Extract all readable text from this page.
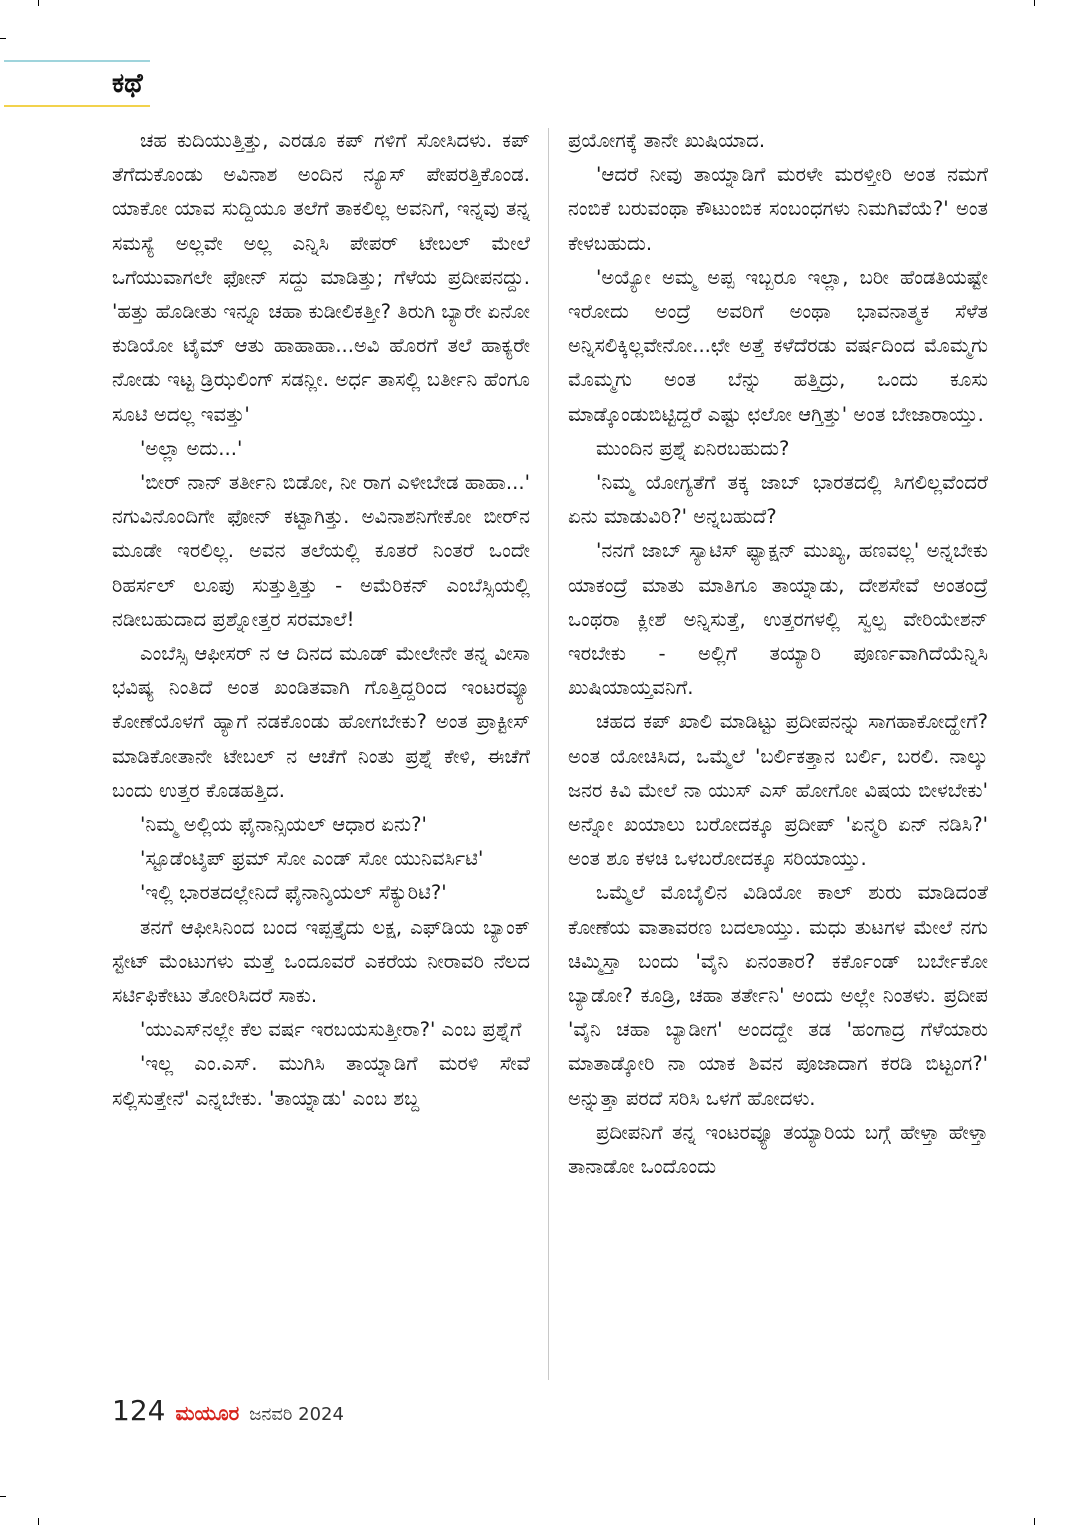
ಕಥೆ

ಚಹ ಕುದಿಯುತ್ತಿತ್ತು, ಎರಡೂ ಕಪ್ ಗಳಿಗೆ ಸೋಸಿದಳು. ಕಪ್ ತೆಗೆದುಕೊಂಡು ಅವಿನಾಶ ಅಂದಿನ ನ್ಯೂಸ್ ಪೇಪರತ್ತಿಕೊಂಡ. ಯಾಕೋ ಯಾವ ಸುದ್ದಿಯೂ ತಲೆಗೆ ತಾಕಲಿಲ್ಲ ಅವನಿಗೆ, ಇನ್ನವು ತನ್ನ ಸಮಸ್ಯೆ ಅಲ್ಲವೇ ಅಲ್ಲ ಎನ್ನಿಸಿ ಪೇಪರ್ ಟೇಬಲ್ ಮೇಲೆ ಒಗೆಯುವಾಗಲೇ ಫೋನ್ ಸದ್ದು ಮಾಡಿತ್ತು; ಗೆಳೆಯ ಪ್ರದೀಪನದ್ದು. 'ಹತ್ತು ಹೊಡೀತು ಇನ್ನೂ ಚಹಾ ಕುಡೀಲಿಕತ್ತೀ? ತಿರುಗಿ ಬ್ಯಾರೇ ಏನೋ ಕುಡಿಯೋ ಟೈಮ್ ಆತು ಹಾಹಾಹಾ...ಅವಿ ಹೊರಗೆ ತಲೆ ಹಾಕ್ಯರೇ ನೋಡು ಇಟ್ಟ ಡ್ರಿಝಲಿಂಗ್ ಸಡನ್ಲೀ. ಅರ್ಧ ತಾಸಲ್ಲಿ ಬರ್ತೀನಿ ಹೆಂಗೂ ಸೂಟಿ ಅದಲ್ಲ ಇವತ್ತು'

'ಅಲ್ಲಾ ಅದು...'

'ಬೀರ್ ನಾನ್ ತರ್ತೀನಿ ಬಿಡೋ, ನೀ ರಾಗ ಎಳೀಬೇಡ ಹಾಹಾ...' ನಗುವಿನೊಂದಿಗೇ ಫೋನ್ ಕಟ್ಟಾಗಿತ್ತು. ಅವಿನಾಶನಿಗೇಕೋ ಬೀರ್‌ನ ಮೂಡೇ ಇರಲಿಲ್ಲ. ಅವನ ತಲೆಯಲ್ಲಿ ಕೂತರೆ ನಿಂತರೆ ಒಂದೇ ರಿಹರ್ಸಲ್ ಲೂಪು ಸುತ್ತುತ್ತಿತ್ತು - ಅಮೆರಿಕನ್ ಎಂಬೆಸ್ಸಿಯಲ್ಲಿ ನಡೀಬಹುದಾದ ಪ್ರಶ್ನೋತ್ತರ ಸರಮಾಲೆ!

ಎಂಬೆಸ್ಸಿ ಆಫೀಸರ್ ನ ಆ ದಿನದ ಮೂಡ್ ಮೇಲೇನೇ ತನ್ನ ವೀಸಾ ಭವಿಷ್ಯ ನಿಂತಿದೆ ಅಂತ ಖಂಡಿತವಾಗಿ ಗೊತ್ತಿದ್ದರಿಂದ ಇಂಟರವ್ಯೂ ಕೋಣೆಯೊಳಗೆ ಹ್ಯಾಗೆ ನಡಕೊಂಡು ಹೋಗಬೇಕು? ಅಂತ ಪ್ರಾಕ್ಟೀಸ್ ಮಾಡಿಕೋತಾನೇ ಟೇಬಲ್ ನ ಆಚೆಗೆ ನಿಂತು ಪ್ರಶ್ನೆ ಕೇಳಿ, ಈಚೆಗೆ ಬಂದು ಉತ್ತರ ಕೊಡಹತ್ತಿದ.

'ನಿಮ್ಮ ಅಲ್ಲಿಯ ಫೈನಾನ್ಸಿಯಲ್ ಆಧಾರ ಏನು?'

'ಸ್ಟೂಡೆಂಟ್ಶಿಪ್ ಫ್ರಮ್ ಸೋ ಎಂಡ್ ಸೋ ಯುನಿವರ್ಸಿಟಿ'

'ಇಲ್ಲಿ ಭಾರತದಲ್ಲೇನಿದೆ ಫೈನಾನ್ಶಿಯಲ್ ಸೆಕ್ಯುರಿಟಿ?'

ತನಗೆ ಆಫೀಸಿನಿಂದ ಬಂದ ಇಪ್ಪತ್ತೈದು ಲಕ್ಷ, ಎಫ್‌ಡಿಯ ಬ್ಯಾಂಕ್ ಸ್ಟೇಟ್ ಮೆಂಟುಗಳು ಮತ್ತೆ ಒಂದೂವರೆ ಎಕರೆಯ ನೀರಾವರಿ ನೆಲದ ಸರ್ಟಿಫಿಕೇಟು ತೋರಿಸಿದರೆ ಸಾಕು.

'ಯುಎಸ್‌ನಲ್ಲೇ ಕೆಲ ವರ್ಷ ಇರಬಯಸುತ್ತೀರಾ?' ಎಂಬ ಪ್ರಶ್ನೆಗೆ

'ಇಲ್ಲ ಎಂ.ಎಸ್. ಮುಗಿಸಿ ತಾಯ್ನಾಡಿಗೆ ಮರಳಿ ಸೇವೆ ಸಲ್ಲಿಸುತ್ತೇನೆ' ಎನ್ನಬೇಕು. 'ತಾಯ್ನಾಡು' ಎಂಬ ಶಬ್ದ

ಪ್ರಯೋಗಕ್ಕೆ ತಾನೇ ಖುಷಿಯಾದ.

'ಆದರೆ ನೀವು ತಾಯ್ನಾಡಿಗೆ ಮರಳೇ ಮರಳ್ತೀರಿ ಅಂತ ನಮಗೆ ನಂಬಿಕೆ ಬರುವಂಥಾ ಕೌಟುಂಬಿಕ ಸಂಬಂಧಗಳು ನಿಮಗಿವೆಯೆ?' ಅಂತ ಕೇಳಬಹುದು.

'ಅಯ್ಯೋ ಅಮ್ಮ ಅಪ್ಪ ಇಬ್ಬರೂ ಇಲ್ಲಾ, ಬರೀ ಹೆಂಡತಿಯಷ್ಟೇ ಇರೋದು ಅಂದ್ರೆ ಅವರಿಗೆ ಅಂಥಾ ಭಾವನಾತ್ಮಕ ಸೆಳೆತ ಅನ್ನಿಸಲಿಕ್ಕಿಲ್ಲವೇನೋ...ಛೇ ಅತ್ತೆ ಕಳೆದೆರಡು ವರ್ಷದಿಂದ ಮೊಮ್ಮಗು ಮೊಮ್ಮಗು ಅಂತ ಬೆನ್ನು ಹತ್ತಿದ್ರು, ಒಂದು ಕೂಸು ಮಾಡ್ಕೊಂಡುಬಿಟ್ಟಿದ್ದರೆ ಎಷ್ಟು ಛಲೋ ಆಗ್ತಿತ್ತು' ಅಂತ ಬೇಜಾರಾಯ್ತು.

ಮುಂದಿನ ಪ್ರಶ್ನೆ ಏನಿರಬಹುದು?

'ನಿಮ್ಮ ಯೋಗ್ಯತೆಗೆ ತಕ್ಕ ಜಾಬ್ ಭಾರತದಲ್ಲಿ ಸಿಗಲಿಲ್ಲವೆಂದರೆ ಏನು ಮಾಡುವಿರಿ?' ಅನ್ನಬಹುದೆ?

'ನನಗೆ ಜಾಬ್ ಸ್ಯಾಟಿಸ್ ಫ್ಯಾಕ್ಷನ್ ಮುಖ್ಯ, ಹಣವಲ್ಲ' ಅನ್ನಬೇಕು ಯಾಕಂದ್ರೆ ಮಾತು ಮಾತಿಗೂ ತಾಯ್ನಾಡು, ದೇಶಸೇವೆ ಅಂತಂದ್ರೆ ಒಂಥರಾ ಕ್ಲೀಶೆ ಅನ್ನಿಸುತ್ತೆ, ಉತ್ತರಗಳಲ್ಲಿ ಸ್ವಲ್ಪ ವೇರಿಯೇಶನ್ ಇರಬೇಕು - ಅಲ್ಲಿಗೆ ತಯ್ಯಾರಿ ಪೂರ್ಣವಾಗಿದೆಯೆನ್ನಿಸಿ ಖುಷಿಯಾಯ್ತವನಿಗೆ.

ಚಹದ ಕಪ್ ಖಾಲಿ ಮಾಡಿಟ್ಟು ಪ್ರದೀಪನನ್ನು ಸಾಗಹಾಕೋದ್ಹೇಗೆ? ಅಂತ ಯೋಚಿಸಿದ, ಒಮ್ಮೆಲೆ 'ಬರ್ಲಿಕತ್ತಾನ ಬರ್ಲಿ, ಬರಲಿ. ನಾಲ್ಕು ಜನರ ಕಿವಿ ಮೇಲೆ ನಾ ಯುಸ್ ಎಸ್ ಹೋಗೋ ವಿಷಯ ಬೀಳಬೇಕು' ಅನ್ನೋ ಖಯಾಲು ಬರೋದಕ್ಕೂ ಪ್ರದೀಪ್ 'ಏನ್ಮರಿ ಏನ್ ನಡಿಸಿ?' ಅಂತ ಶೂ ಕಳಚಿ ಒಳಬರೋದಕ್ಕೂ ಸರಿಯಾಯ್ತು.

ಒಮ್ಮೆಲೆ ಮೊಬೈಲಿನ ವಿಡಿಯೋ ಕಾಲ್ ಶುರು ಮಾಡಿದಂತೆ ಕೋಣೆಯ ವಾತಾವರಣ ಬದಲಾಯ್ತು. ಮಧು ತುಟಗಳ ಮೇಲೆ ನಗು ಚಿಮ್ಮಿಸ್ತಾ ಬಂದು 'ವೈನಿ ಏನಂತಾರ? ಕರ್ಕೊಂಡ್ ಬರ್ಬೇಕೋ ಬ್ಯಾಡೋ? ಕೂಡ್ರಿ, ಚಹಾ ತರ್ತೇನಿ' ಅಂದು ಅಲ್ಲೇ ನಿಂತಳು. ಪ್ರದೀಪ 'ವೈನಿ ಚಹಾ ಬ್ಯಾಡೀಗ' ಅಂದದ್ದೇ ತಡ 'ಹಂಗಾದ್ರ ಗೆಳೆಯಾರು ಮಾತಾಡ್ಕೋರಿ ನಾ ಯಾಕ ಶಿವನ ಪೂಜಾದಾಗ ಕರಡಿ ಬಿಟ್ಟಂಗ?' ಅನ್ನುತ್ತಾ ಪರದೆ ಸರಿಸಿ ಒಳಗೆ ಹೋದಳು.

ಪ್ರದೀಪನಿಗೆ ತನ್ನ ಇಂಟರವ್ಯೂ ತಯ್ಯಾರಿಯ ಬಗ್ಗೆ ಹೇಳ್ತಾ ಹೇಳ್ತಾ ತಾನಾಡೋ ಒಂದೊಂದು

124 ಮಯೂರ ಜನವರಿ 2024
